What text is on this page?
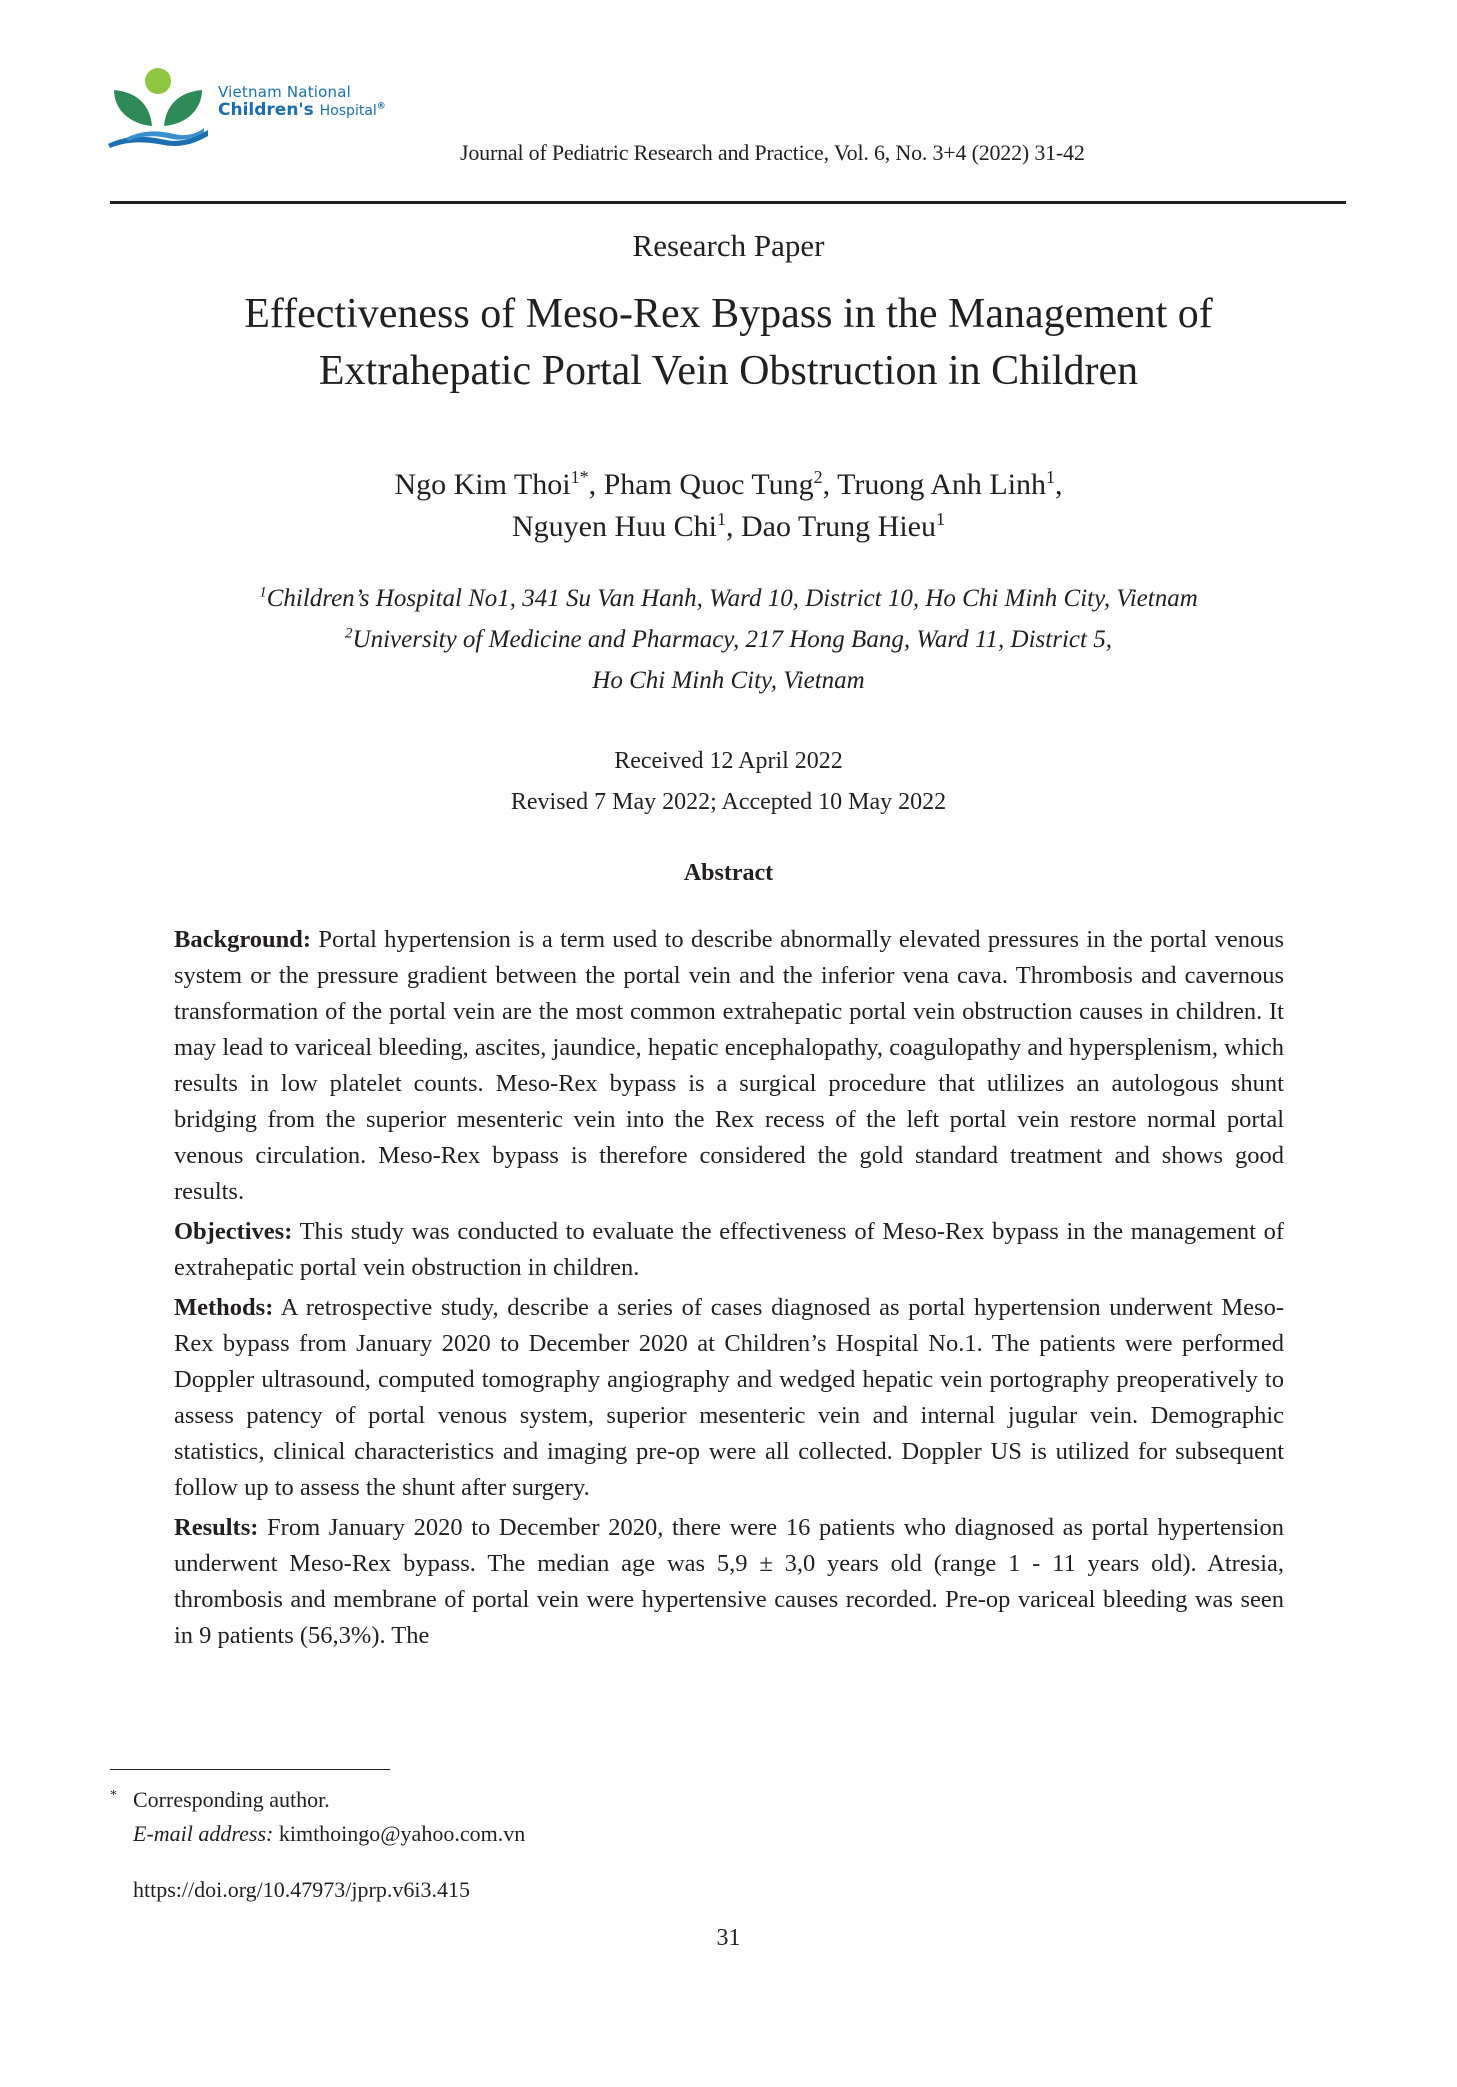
Vietnam National
Children's Hospital®
Journal of Pediatric Research and Practice, Vol. 6, No. 3+4 (2022) 31-42
Research Paper
Effectiveness of Meso-Rex Bypass in the Management of
Extrahepatic Portal Vein Obstruction in Children
Ngo Kim Thoi$^{1*}$, Pham Quoc Tung$^2$, Truong Anh Linh$^1$,
Nguyen Huu Chi$^1$, Dao Trung Hieu$^1$
$^1$Children’s Hospital No1, 341 Su Van Hanh, Ward 10, District 10, Ho Chi Minh City, Vietnam
$^2$University of Medicine and Pharmacy, 217 Hong Bang, Ward 11, District 5,
Ho Chi Minh City, Vietnam
Received 12 April 2022
Revised 7 May 2022; Accepted 10 May 2022
Abstract

Background: Portal hypertension is a term used to describe abnormally elevated pressures in the portal venous system or the pressure gradient between the portal vein and the inferior vena cava. Thrombosis and cavernous transformation of the portal vein are the most common extrahepatic portal vein obstruction causes in children. It may lead to variceal bleeding, ascites, jaundice, hepatic encephalopathy, coagulopathy and hypersplenism, which results in low platelet counts. Meso-Rex bypass is a surgical procedure that utlilizes an autologous shunt bridging from the superior mesenteric vein into the Rex recess of the left portal vein restore normal portal venous circulation. Meso-Rex bypass is therefore considered the gold standard treatment and shows good results.

Objectives: This study was conducted to evaluate the effectiveness of Meso-Rex bypass in the management of extrahepatic portal vein obstruction in children.

Methods: A retrospective study, describe a series of cases diagnosed as portal hypertension underwent Meso-Rex bypass from January 2020 to December 2020 at Children’s Hospital No.1. The patients were performed Doppler ultrasound, computed tomography angiography and wedged hepatic vein portography preoperatively to assess patency of portal venous system, superior mesenteric vein and internal jugular vein. Demographic statistics, clinical characteristics and imaging pre-op were all collected. Doppler US is utilized for subsequent follow up to assess the shunt after surgery.

Results: From January 2020 to December 2020, there were 16 patients who diagnosed as portal hypertension underwent Meso-Rex bypass. The median age was 5,9 ± 3,0 years old (range 1 - 11 years old). Atresia, thrombosis and membrane of portal vein were hypertensive causes recorded. Pre-op variceal bleeding was seen in 9 patients (56,3%). The

* Corresponding author.
E-mail address: kimthoingo@yahoo.com.vn
https://doi.org/10.47973/jprp.v6i3.415
31
